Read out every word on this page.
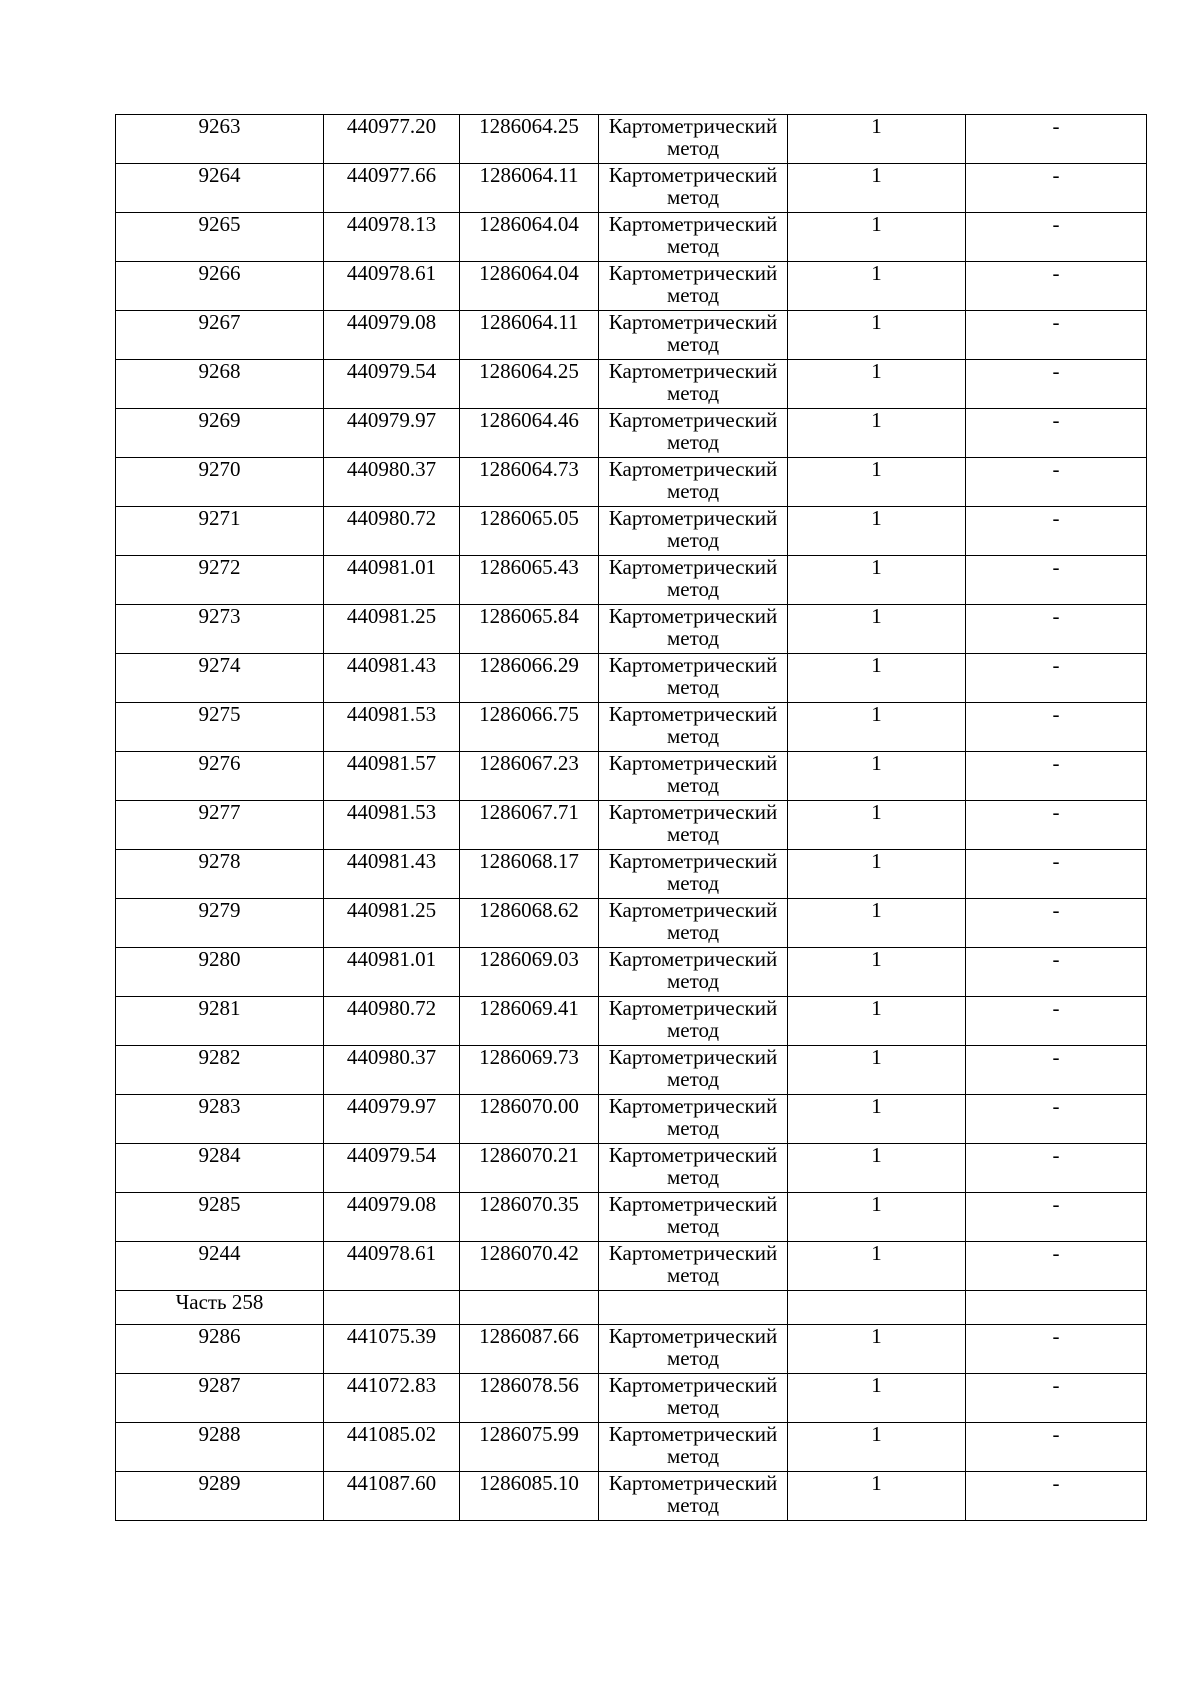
9263	440977.20	1286064.25	Картометрический метод	1	-
9264	440977.66	1286064.11	Картометрический метод	1	-
9265	440978.13	1286064.04	Картометрический метод	1	-
9266	440978.61	1286064.04	Картометрический метод	1	-
9267	440979.08	1286064.11	Картометрический метод	1	-
9268	440979.54	1286064.25	Картометрический метод	1	-
9269	440979.97	1286064.46	Картометрический метод	1	-
9270	440980.37	1286064.73	Картометрический метод	1	-
9271	440980.72	1286065.05	Картометрический метод	1	-
9272	440981.01	1286065.43	Картометрический метод	1	-
9273	440981.25	1286065.84	Картометрический метод	1	-
9274	440981.43	1286066.29	Картометрический метод	1	-
9275	440981.53	1286066.75	Картометрический метод	1	-
9276	440981.57	1286067.23	Картометрический метод	1	-
9277	440981.53	1286067.71	Картометрический метод	1	-
9278	440981.43	1286068.17	Картометрический метод	1	-
9279	440981.25	1286068.62	Картометрический метод	1	-
9280	440981.01	1286069.03	Картометрический метод	1	-
9281	440980.72	1286069.41	Картометрический метод	1	-
9282	440980.37	1286069.73	Картометрический метод	1	-
9283	440979.97	1286070.00	Картометрический метод	1	-
9284	440979.54	1286070.21	Картометрический метод	1	-
9285	440979.08	1286070.35	Картометрический метод	1	-
9244	440978.61	1286070.42	Картометрический метод	1	-
Часть 258					
9286	441075.39	1286087.66	Картометрический метод	1	-
9287	441072.83	1286078.56	Картометрический метод	1	-
9288	441085.02	1286075.99	Картометрический метод	1	-
9289	441087.60	1286085.10	Картометрический метод	1	-
